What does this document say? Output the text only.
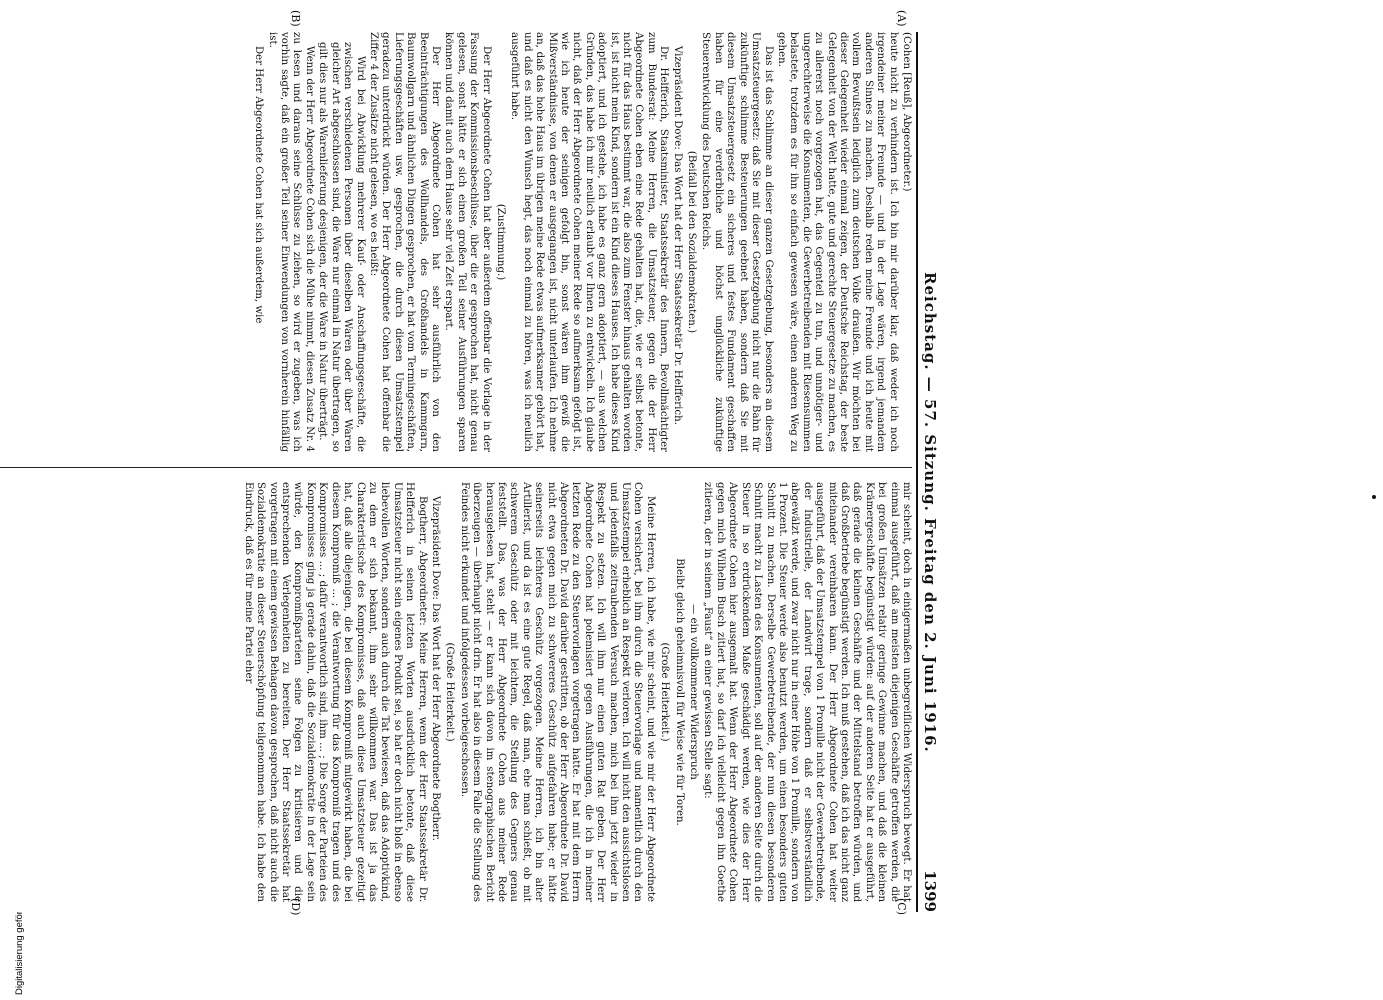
Reichstag. — 57. Sitzung. Freitag den 2. Juni 1916.
1399
(A)
(B)
(C)
(D)

(Cohen [Reuß], Abgeordneter.)

heute nicht zu verhindern ist. Ich bin mir darüber klar, daß weder ich noch irgendeiner meiner Freunde — und in der Lage wären, irgend jemandem anderen Sinnes zu machen. Deshalb reden meine Freunde und ich heute mit vollem Bewußtsein lediglich zum deutschen Volke draußen. Wir möchten bei dieser Gelegenheit wieder einmal zeigen, der Deutsche Reichstag, der beste Gelegenheit von der Welt hatte, gute und gerechte Steuergesetze zu machen, es zu allererst noch vorgezogen hat, das Gegenteil zu tun, und unnötiger- und ungerechterweise die Konsumenten, die Gewerbetreibenden mit Riesensummen belastete, trotzdem es für ihn so einfach gewesen wäre, einen anderen Weg zu gehen.

Das ist das Schlimme an dieser ganzen Gesetzgebung, besonders an diesem Umsatzsteuergesetz: daß Sie mit dieser Gesetzgebung nicht nur die Bahn für zukünftige schlimme Besteuerungen geebnet haben, sondern daß Sie mit diesem Umsatzsteuergesetz ein sicheres und festes Fundament geschaffen haben für eine verderbliche und höchst unglückliche zukünftige Steuerentwicklung des Deutschen Reichs.

(Beifall bei den Sozialdemokraten.)

Vizepräsident Dove: Das Wort hat der Herr Staatssekretär Dr. Helfferich.

Dr. Helfferich, Staatsminister, Staatssekretär des Innern, Bevollmächtigter zum Bundesrat: Meine Herren, die Umsatzsteuer, gegen die der Herr Abgeordnete Cohen eben eine Rede gehalten hat, die, wie er selbst betonte, nicht für das Haus bestimmt war, die also zum Fenster hinaus gehalten worden ist, ist nicht mein Kind, sondern ist ein Kind dieses Hauses. Ich habe dieses Kind adoptiert, und ich gestehe, ich habe es ganz gern adoptiert, — aus welchen Gründen, das habe ich mir neulich erlaubt vor Ihnen zu entwickeln. Ich glaube nicht, daß der Herr Abgeordnete Cohen meiner Rede so aufmerksam gefolgt ist, wie ich heute der seinigen gefolgt bin, sonst wären ihm gewiß die Mißverständnisse, von denen er ausgegangen ist, nicht unterlaufen. Ich nehme an, daß das hohe Haus im übrigen meine Rede etwas aufmerksamer gehört hat, und daß es nicht den Wunsch hegt, das noch einmal zu hören, was ich neulich ausgeführt habe.

(Zustimmung.)

Der Herr Abgeordnete Cohen hat aber außerdem offenbar die Vorlage in der Fassung der Kommissionsbeschlüsse, über die er gesprochen hat, nicht genau gelesen, sonst hätte er sich einen großen Teil seiner Ausführungen sparen können und damit auch dem Hause sehr viel Zeit erspart.

Der Herr Abgeordnete Cohen hat sehr ausführlich von den Beeinträchtigungen des Wollhandels, des Großhandels in Kammgarn, Baumwollgarn und ähnlichen Dingen gesprochen, er hat vom Termingeschäften, Lieferungsgeschäften usw. gesprochen, die durch diesen Umsatzstempel geradezu unterdrückt würden. Der Herr Abgeordnete Cohen hat offenbar die Ziffer 4 der Zusätze nicht gelesen, wo es heißt:

Wird bei Abwicklung mehrerer Kauf- oder Anschaffungsgeschäfte, die zwischen verschiedenen Personen über dieselben Waren oder über Waren gleicher Art abgeschlossen sind, die Ware nur einmal in Natur übertragen, so gilt dies nur als Warenlieferung desjenigen, der die Ware in Natur überträgt.

Wenn der Herr Abgeordnete Cohen sich die Mühe nimmt, diesen Zusatz Nr. 4 zu lesen und daraus seine Schlüsse zu ziehen, so wird er zugeben, was ich vorhin sagte, daß ein großer Teil seiner Einwendungen von vornherein hinfällig ist.

Der Herr Abgeordnete Cohen hat sich außerdem, wie

mir scheint, doch in einigermaßen unbegreiflichen Widerspruch bewegt. Er hat einmal ausgeführt, daß am meisten diejenigen Geschäfte getroffen werden, die bei großen Umsätzen relativ geringe Gewinne machen, und daß die kleinen Krämergeschäfte begünstigt würden: auf der anderen Seite hat er ausgeführt, daß gerade die kleinen Geschäfte und der Mittelstand betroffen würden, und daß Großbetriebe begünstigt werden. Ich muß gestehen, daß ich das nicht ganz miteinander vereinbaren kann. Der Herr Abgeordnete Cohen hat weiter ausgeführt, daß der Umsatzstempel von 1 Promille nicht der Gewerbetreibende, der Industrielle, der Landwirt trage, sondern daß er selbstverständlich abgewälzt werde, und zwar nicht nur in einer Höhe von 1 Promille, sondern von 1 Prozent. Die Steuer werde also benutzt werden, um einen besonders guten Schnitt zu machen. Derselbe Gewerbetreibende, der nun diesen besonderen Schnitt macht zu Lasten des Konsumenten, soll auf der anderen Seite durch die Steuer in so erdrückendem Maße geschädigt werden, wie dies der Herr Abgeordnete Cohen hier ausgemalt hat. Wenn der Herr Abgeordnete Cohen gegen mich Wilhelm Busch zitiert hat, so darf ich vielleicht gegen ihn Goethe zitieren, der in seinem „Faust“ an einer gewissen Stelle sagt:

— ein vollkommener Widerspruch

Bleibt gleich geheimnisvoll für Weise wie für Toren.

(Große Heiterkeit.)

Meine Herren, ich habe, wie mir scheint, und wie mir der Herr Abgeordnete Cohen versichert, bei ihm durch die Steuervorlage und namentlich durch den Umsatzstempel erheblich an Respekt verloren. Ich will nicht den aussichtslosen und jedenfalls zeitraubenden Versuch machen, mich bei ihm jetzt wieder in Respekt zu setzen. Ich will ihm nur einen guten Rat geben. Der Herr Abgeordnete Cohen hat polemisiert gegen Ausführungen, die ich in meiner letzten Rede zu den Steuervorlagen vorgetragen hatte. Er hat mit dem Herrn Abgeordneten Dr. David darüber gestritten, ob der Herr Abgeordnete Dr. David nicht etwa gegen mich zu schwereres Geschütz aufgefahren habe; er hätte seinerseits leichteres Geschütz vorgezogen. Meine Herren, ich bin alter Artillerist, und da ist es eine gute Regel, daß man, ehe man schießt, ob mit schwerem Geschütz oder mit leichtem, die Stellung des Gegners genau feststellt. Das, was der Herr Abgeordnete Cohen aus meiner Rede herausgelesen hat, steht — er kann sich davon im stenographischen Bericht überzeugen — überhaupt nicht drin. Er hat also in diesem Falle die Stellung des Feindes nicht erkundet und infolgedessen vorbeigeschossen.

(Große Heiterkeit.)

Vizepräsident Dove: Das Wort hat der Herr Abgeordnete Bogtherr.

Bogtherr, Abgeordneter: Meine Herren, wenn der Herr Staatssekretär Dr. Helfferich in seinen letzten Worten ausdrücklich betonte, daß diese Umsatzsteuer nicht sein eigenes Produkt sei, so hat er doch nicht bloß in ebenso liebevollen Worten, sondern auch durch die Tat bewiesen, daß das Adoptivkind, zu dem er sich bekannt, ihm sehr willkommen war. Das ist ja das Charakteristische des Kompromisses, daß auch diese Umsatzsteuer gezeitigt hat, daß alle diejenigen, die bei diesem Kompromiß mitgewirkt haben, die bei diesem Kompromiß ... ; die Verantwortung für das Kompromiß tragen und des Kompromisses ... ; dafür verantwortlich sind, ihm ... ; Die Sorge der Parteien des Kompromisses ging ja gerade dahin, daß die Sozialdemokratie in der Lage sein würde, den Kompromißparteien seine Folgen zu kritisieren und die entsprechenden Verlegenheiten zu bereiten. Der Herr Staatssekretär hat vorgetragen mit einem gewissen Behagen davon gesprochen, daß nicht auch die Sozialdemokratie an dieser Steuerschöpfung teilgenommen habe. Ich habe den Eindruck, daß es für meine Partei eher
